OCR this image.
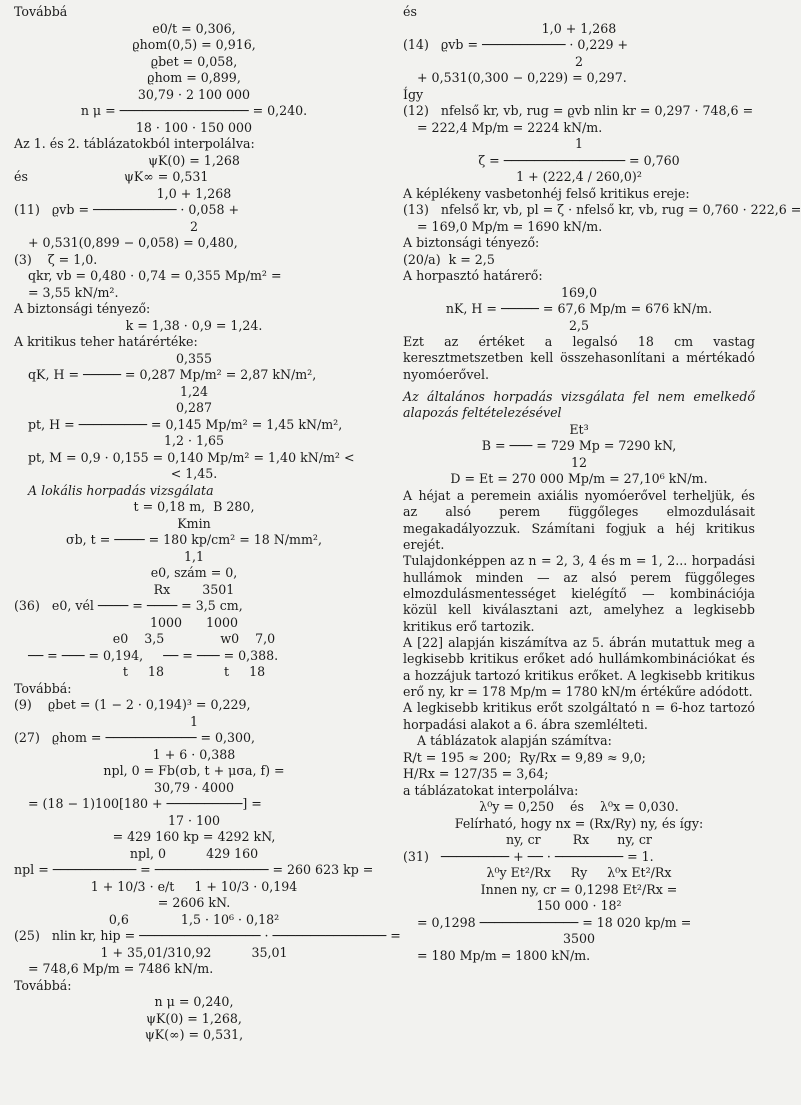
Továbbá
e0/t = 0,306,
ϱhom(0,5) = 0,916,
ϱbet = 0,058,
ϱhom = 0,899,
30,79 · 2 100 000
n μ = ───────────────── = 0,240.
18 · 100 · 150 000
Az 1. és 2. táblázatokból interpolálva:
ψK(0) = 1,268
és                        ψK∞ = 0,531
1,0 + 1,268
(11)   ϱvb = ─────────── · 0,058 +
2
+ 0,531(0,899 − 0,058) = 0,480,
(3)    ζ = 1,0.
qkr, vb = 0,480 · 0,74 = 0,355 Mp/m² =
= 3,55 kN/m².
A biztonsági tényező:
k = 1,38 · 0,9 = 1,24.
A kritikus teher határértéke:
0,355
qK, H = ───── = 0,287 Mp/m² = 2,87 kN/m²,
1,24
0,287
pt, H = ───────── = 0,145 Mp/m² = 1,45 kN/m²,
1,2 · 1,65
pt, M = 0,9 · 0,155 = 0,140 Mp/m² = 1,40 kN/m² <
< 1,45.
A lokális horpadás vizsgálata
t = 0,18 m,  B 280,
Kmin
σb, t = ──── = 180 kp/cm² = 18 N/mm²,
1,1
e0, szám = 0,
Rx        3501
(36)   e0, vél ──── = ──── = 3,5 cm,
1000      1000
e0    3,5              w0    7,0
── = ─── = 0,194,     ── = ─── = 0,388.
t     18               t     18
Továbbá:
(9)    ϱbet = (1 − 2 · 0,194)³ = 0,229,
1
(27)   ϱhom = ──────────── = 0,300,
1 + 6 · 0,388
npl, 0 = Fb(σb, t + μσa, f) =
30,79 · 4000
= (18 − 1)100[180 + ──────────] =
17 · 100
= 429 160 kp = 4292 kN,
npl, 0          429 160
npl = ─────────── = ─────────────── = 260 623 kp =
1 + 10/3 · e/t     1 + 10/3 · 0,194
= 2606 kN.
0,6             1,5 · 10⁶ · 0,18²
(25)   nlin kr, hip = ──────────────── · ─────────────── =
1 + 35,01/310,92          35,01
= 748,6 Mp/m = 7486 kN/m.
Továbbá:
n μ = 0,240,
ψK(0) = 1,268,
ψK(∞) = 0,531,
és
1,0 + 1,268
(14)   ϱvb = ─────────── · 0,229 +
2
+ 0,531(0,300 − 0,229) = 0,297.
Így
(12)   nfelső kr, vb, rug = ϱvb nlin kr = 0,297 · 748,6 =
= 222,4 Mp/m = 2224 kN/m.
1
ζ = ──────────────── = 0,760
1 + (222,4 / 260,0)²
A képlékeny vasbetonhéj felső kritikus ereje:
(13)   nfelső kr, vb, pl = ζ · nfelső kr, vb, rug = 0,760 · 222,6 =
= 169,0 Mp/m = 1690 kN/m.
A biztonsági tényező:
(20/a)  k = 2,5
A horpasztó határerő:
169,0
nK, H = ───── = 67,6 Mp/m = 676 kN/m.
2,5
Ezt az értéket a legalsó 18 cm vastag keresztmetszetben kell összehasonlítani a mértékadó nyomóerővel.
Az általános horpadás vizsgálata fel nem emelkedő alapozás feltételezésével
Et³
B = ─── = 729 Mp = 7290 kN,
12
D = Et = 270 000 Mp/m = 27,10⁶ kN/m.
A héjat a peremein axiális nyomóerővel terheljük, és az alsó perem függőleges elmozdulásait megakadályozzuk. Számítani fogjuk a héj kritikus erejét.
Tulajdonképpen az n = 2, 3, 4 és m = 1, 2... horpadási hullámok minden — az alsó perem függőleges elmozdulásmentességet kielégítő — kombinációja közül kell kiválasztani azt, amelyhez a legkisebb kritikus erő tartozik.
A [22] alapján kiszámítva az 5. ábrán mutattuk meg a legkisebb kritikus erőket adó hullámkombinációkat és a hozzájuk tartozó kritikus erőket. A legkisebb kritikus erő ny, kr = 178 Mp/m = 1780 kN/m értékűre adódott.
A legkisebb kritikus erőt szolgáltató n = 6-hoz tartozó horpadási alakot a 6. ábra szemlélteti.
A táblázatok alapján számítva:
R/t = 195 ≈ 200;  Ry/Rx = 9,89 ≈ 9,0;
H/Rx = 127/35 = 3,64;
a táblázatokat interpolálva:
λ⁰y = 0,250    és    λ⁰x = 0,030.
Felírható, hogy nx = (Rx/Ry) ny, és így:
ny, cr        Rx       ny, cr
(31)   ───────── + ── · ───────── = 1.
λ⁰y Et²/Rx     Ry     λ⁰x Et²/Rx
Innen ny, cr = 0,1298 Et²/Rx =
150 000 · 18²
= 0,1298 ───────────── = 18 020 kp/m =
3500
= 180 Mp/m = 1800 kN/m.
